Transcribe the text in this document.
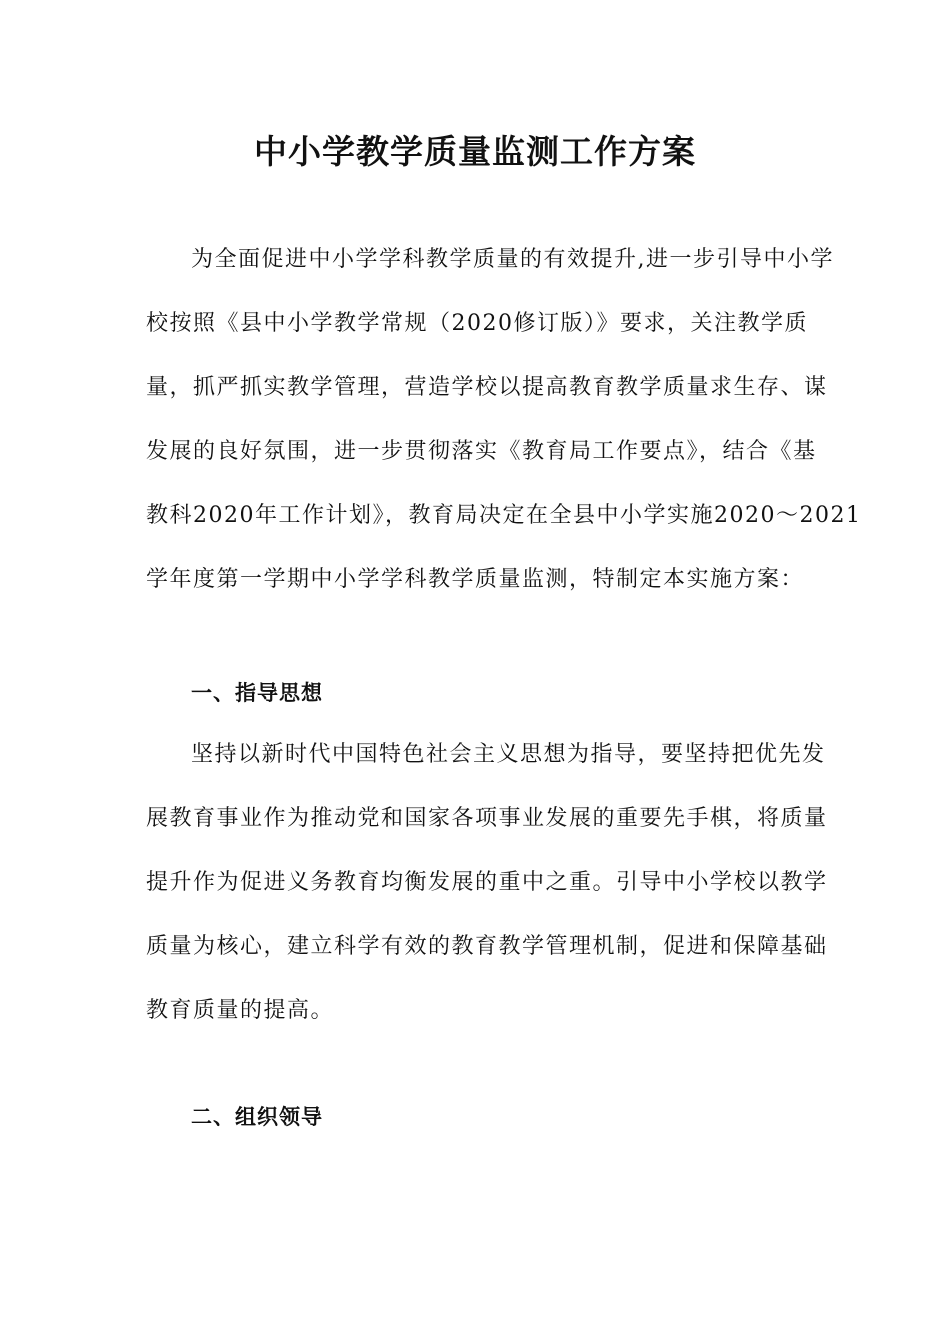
中小学教学质量监测工作方案
为全面促进中小学学科教学质量的有效提升,进一步引导中小学
校按照《县中小学教学常规（2020修订版）》要求，关注教学质
量，抓严抓实教学管理，营造学校以提高教育教学质量求生存、谋
发展的良好氛围，进一步贯彻落实《教育局工作要点》，结合《基
教科2020年工作计划》，教育局决定在全县中小学实施2020～2021
学年度第一学期中小学学科教学质量监测，特制定本实施方案：
一、指导思想
坚持以新时代中国特色社会主义思想为指导，要坚持把优先发
展教育事业作为推动党和国家各项事业发展的重要先手棋，将质量
提升作为促进义务教育均衡发展的重中之重。引导中小学校以教学
质量为核心，建立科学有效的教育教学管理机制，促进和保障基础
教育质量的提高。
二、组织领导
